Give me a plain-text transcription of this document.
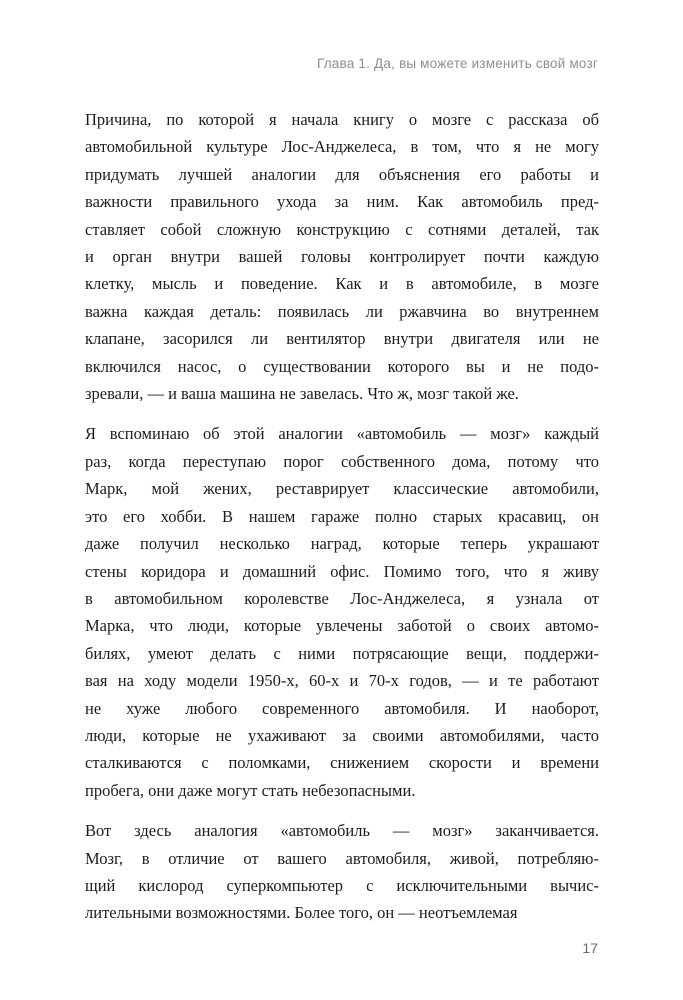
Глава 1. Да, вы можете изменить свой мозг
Причина, по которой я начала книгу о мозге с рассказа об
автомобильной культуре Лос-Анджелеса, в том, что я не могу
придумать лучшей аналогии для объяснения его работы и
важности правильного ухода за ним. Как автомобиль пред-
ставляет собой сложную конструкцию с сотнями деталей, так
и орган внутри вашей головы контролирует почти каждую
клетку, мысль и поведение. Как и в автомобиле, в мозге
важна каждая деталь: появилась ли ржавчина во внутреннем
клапане, засорился ли вентилятор внутри двигателя или не
включился насос, о существовании которого вы и не подо-
зревали, — и ваша машина не завелась. Что ж, мозг такой же.
Я вспоминаю об этой аналогии «автомобиль — мозг» каждый
раз, когда переступаю порог собственного дома, потому что
Марк, мой жених, реставрирует классические автомобили,
это его хобби. В нашем гараже полно старых красавиц, он
даже получил несколько наград, которые теперь украшают
стены коридора и домашний офис. Помимо того, что я живу
в автомобильном королевстве Лос-Анджелеса, я узнала от
Марка, что люди, которые увлечены заботой о своих автомо-
билях, умеют делать с ними потрясающие вещи, поддержи-
вая на ходу модели 1950-х, 60-х и 70-х годов, — и те работают
не хуже любого современного автомобиля. И наоборот,
люди, которые не ухаживают за своими автомобилями, часто
сталкиваются с поломками, снижением скорости и времени
пробега, они даже могут стать небезопасными.
Вот здесь аналогия «автомобиль — мозг» заканчивается.
Мозг, в отличие от вашего автомобиля, живой, потребляю-
щий кислород суперкомпьютер с исключительными вычис-
лительными возможностями. Более того, он — неотъемлемая
17
